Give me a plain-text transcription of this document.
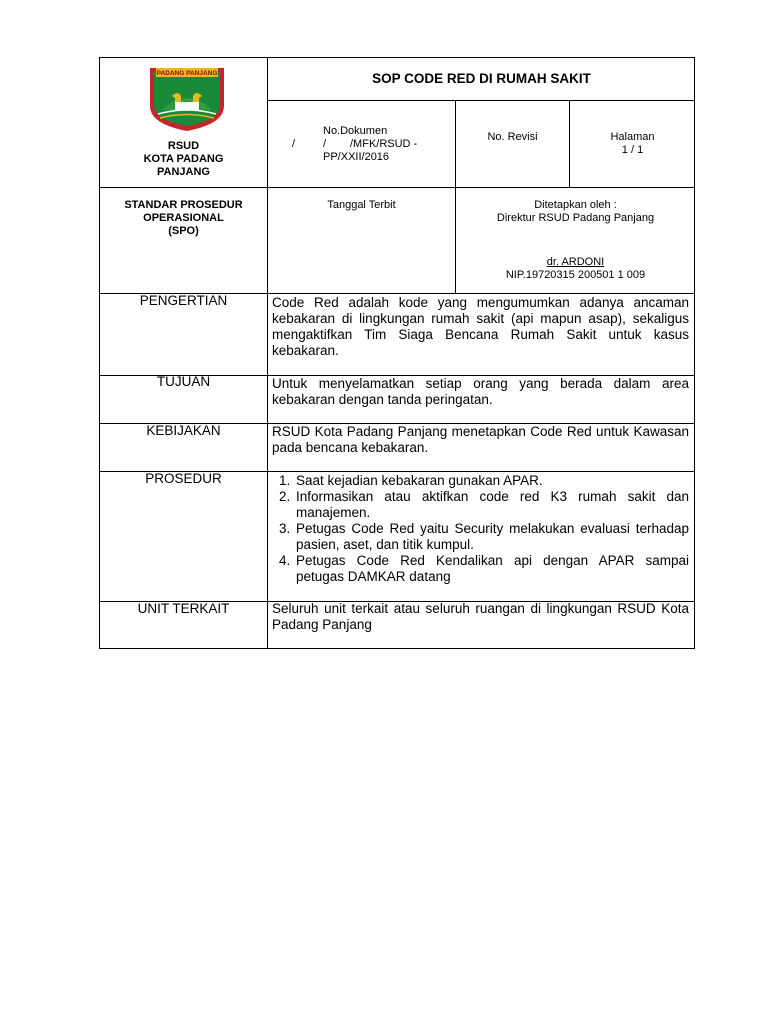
PADANG PANJANG
RSUD
KOTA PADANG
PANJANG
SOP CODE RED DI RUMAH SAKIT
No.Dokumen
/	/ /MFK/RSUD -
PP/XXII/2016
No. Revisi	Halaman
1 / 1
STANDAR PROSEDUR
OPERASIONAL
(SPO)
Tanggal Terbit	Ditetapkan oleh :
Direktur RSUD Padang Panjang
dr. ARDONI
NIP.19720315 200501 1 009
PENGERTIAN	Code Red adalah kode yang mengumumkan adanya ancaman kebakaran di lingkungan rumah sakit (api mapun asap), sekaligus mengaktifkan Tim Siaga Bencana Rumah Sakit untuk kasus kebakaran.
TUJUAN	Untuk menyelamatkan setiap orang yang berada dalam area kebakaran dengan tanda peringatan.
KEBIJAKAN	RSUD Kota Padang Panjang menetapkan Code Red untuk Kawasan pada bencana kebakaran.
PROSEDUR
1.	Saat kejadian kebakaran gunakan APAR.
2. Informasikan atau aktifkan code red K3 rumah sakit dan manajemen.
3. Petugas Code Red yaitu Security melakukan evaluasi terhadap pasien, aset, dan titik kumpul.
4. Petugas Code Red Kendalikan api dengan APAR sampai petugas DAMKAR datang
UNIT TERKAIT	Seluruh unit terkait atau seluruh ruangan di lingkungan RSUD Kota Padang Panjang
